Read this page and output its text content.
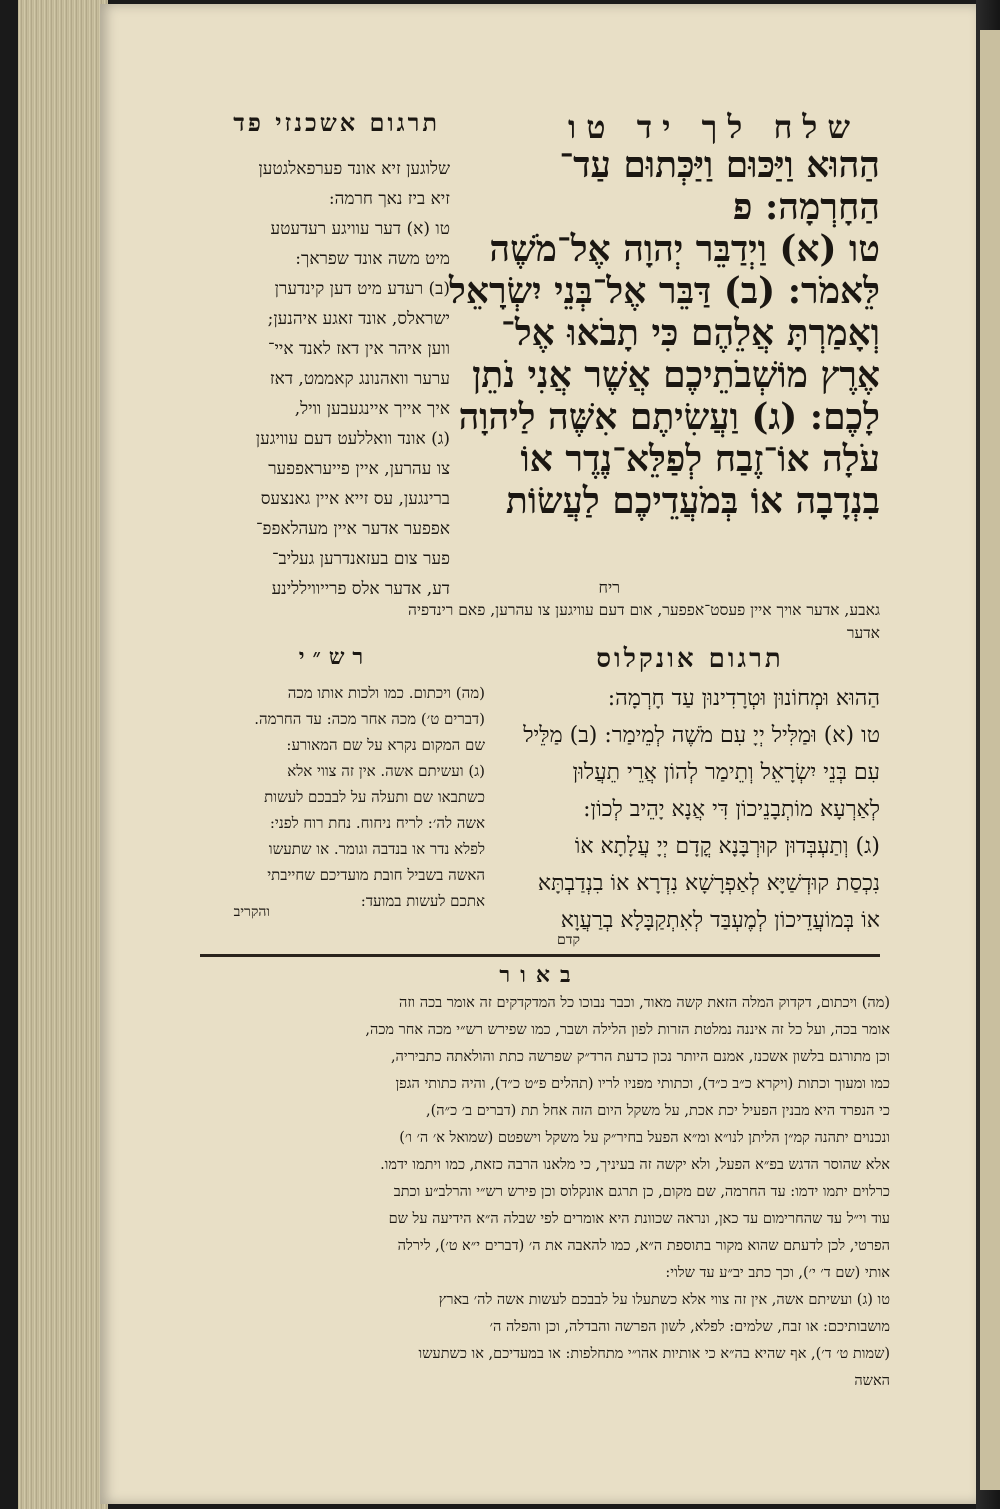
שלח לך יד טו
תרגום אשכנזי פד
הַהוּא וַיַּכּוּם וַיַּכְּתוּם עַד־
הַחָרְמָה: פ
טו (א) וַיְדַבֵּר יְהוָה אֶל־מֹשֶׁה
לֵּאמֹר: (ב) דַּבֵּר אֶל־בְּנֵי יִשְׂרָאֵל
וְאָמַרְתָּ אֲלֵהֶם כִּי תָבֹאוּ אֶל־
אֶרֶץ מוֹשְׁבֹתֵיכֶם אֲשֶׁר אֲנִי נֹתֵן
לָכֶם: (ג) וַעֲשִׂיתֶם אִשֶּׁה לַיהוָה
עֹלָה אוֹ־זֶבַח לְפַלֵּא־נֶדֶר אוֹ
בִנְדָבָה אוֹ בְּמֹעֲדֵיכֶם לַעֲשׂוֹת
ריח
שלוגען זיא אונד פערפאלגטען
זיא ביז נאך חרמה:
טו (א) דער עוויגע רעדעטע
מיט משה אונד שפראך:
(ב) רעדע מיט דען קינדערן
ישראלס, אונד זאגע איהנען;
ווען איהר אין דאז לאנד איי־
ערער וואהנונג קאממט, דאז
איך אייך איינגעבען וויל,
(ג) אונד וואללעט דעם עוויגען
צו עהרען, איין פייעראפפער
ברינגען, עס זייא איין גאנצעס
אפפער אדער איין מעהלאפפ־
פער צום בעזאנדרען געליב־
דע, אדער אלס פרייוויללינע
גאבע, אדער אויך איין פעסט־אפפער, אום דעם עוויגען צו עהרען, פאם רינדפיה
אדער
תרגום אונקלוס
הַהוּא וּמְחוֹנוּן וּטְרָדִינוּן עַד חָרְמָה:
טו (א) וּמַלִּיל יְיָ עִם מֹשֶׁה לְמֵימַר: (ב) מַלֵּיל
עִם בְּנֵי יִשְׂרָאֵל וְתֵימַר לְהוֹן אֲרֵי תֵעֲלוּן
לְאַרְעָא מוֹתְבָנֵיכוֹן דִּי אֲנָא יָהֵיב לְכוֹן:
(ג) וְתַעְבְּדוּן קוּרְבָּנָא קֳדָם יְיָ עֲלָתָא אוֹ
נִכְסַת קוּדְשַׁיָּא לְאַפְרָשָׁא נִדְרָא אוֹ בִנְדַבְתָּא
אוֹ בְּמוֹעֲדֵיכוֹן לְמֶעְבַּד לְאִתְקַבָּלָא בְרַעֲוָא
קדם
רש״י
(מה) ויכתום. כמו ולכות אותו מכה
(דברים ט׳) מכה אחר מכה: עד החרמה.
שם המקום נקרא על שם המאורע:
(ג) ועשיתם אשה. אין זה צווי אלא
כשתבאו שם ותעלה על לבבכם לעשות
אשה לה׳: לריח ניחוח. נחת רוח לפני:
לפלא נדר או בנדבה וגומר. או שתעשו
האשה בשביל חובת מועדיכם שחייבתי
אתכם לעשות במועד:
והקריב
באור
(מה) ויכתום, דקדוק המלה הזאת קשה מאוד, וכבר נבוכו כל המדקדקים זה אומר בכה וזה
אומר בכה, ועל כל זה איננה נמלטת הזרות לפון הלילה ושבר, כמו שפירש רש״י מכה אחר מכה,
וכן מתורגם בלשון אשכנז, אמנם היותר נכון כדעת הרד״ק שפרשה כתת והולאתה כתביריה,
כמו ומעוך וכתות (ויקרא כ״ב כ״ד), וכתותי מפניו לריו (תהלים פ״ט כ״ד), והיה כתותי הגפן
כי הנפרד היא מבנין הפעיל יכת אכת, על משקל היום הזה אחל תת (דברים ב׳ כ״ה),
ונכנוים יתהנה קמ״ן הליתן לנו״א ומ״א הפעל בחיר״ק על משקל וישפטם (שמואל א׳ ה׳ ו׳)
אלא שהוסר הדגש בפ״א הפעל, ולא יקשה זה בעיניך, כי מלאנו הרבה כזאת, כמו ויתמו ידמו.
כרלוים יתמו ידמו: עד החרמה, שם מקום, כן תרגם אונקלוס וכן פירש רש״י והרלב״ע וכתב
עוד וי״ל עד שהחרימום עד כאן, ונראה שכוונת היא אומרים לפי שבלה ה״א הידיעה על שם
הפרטי, לכן לדעתם שהוא מקור בתוספת ה״א, כמו להאבה את ה׳ (דברים י״א ט׳), לירלה
אותי (שם ד׳ י׳), וכך כתב יב״ע עד שלוי:
טו (ג) ועשיתם אשה, אין זה צווי אלא כשתעלו על לבבכם לעשות אשה לה׳ בארץ
מושבותיכם: או זבח, שלמים: לפלא, לשון הפרשה והבדלה, וכן והפלה ה׳
(שמות ט׳ ד׳), אף שהיא בה״א כי אותיות אהו״י מתחלפות: או במעדיכם, או כשתעשו
האשה
